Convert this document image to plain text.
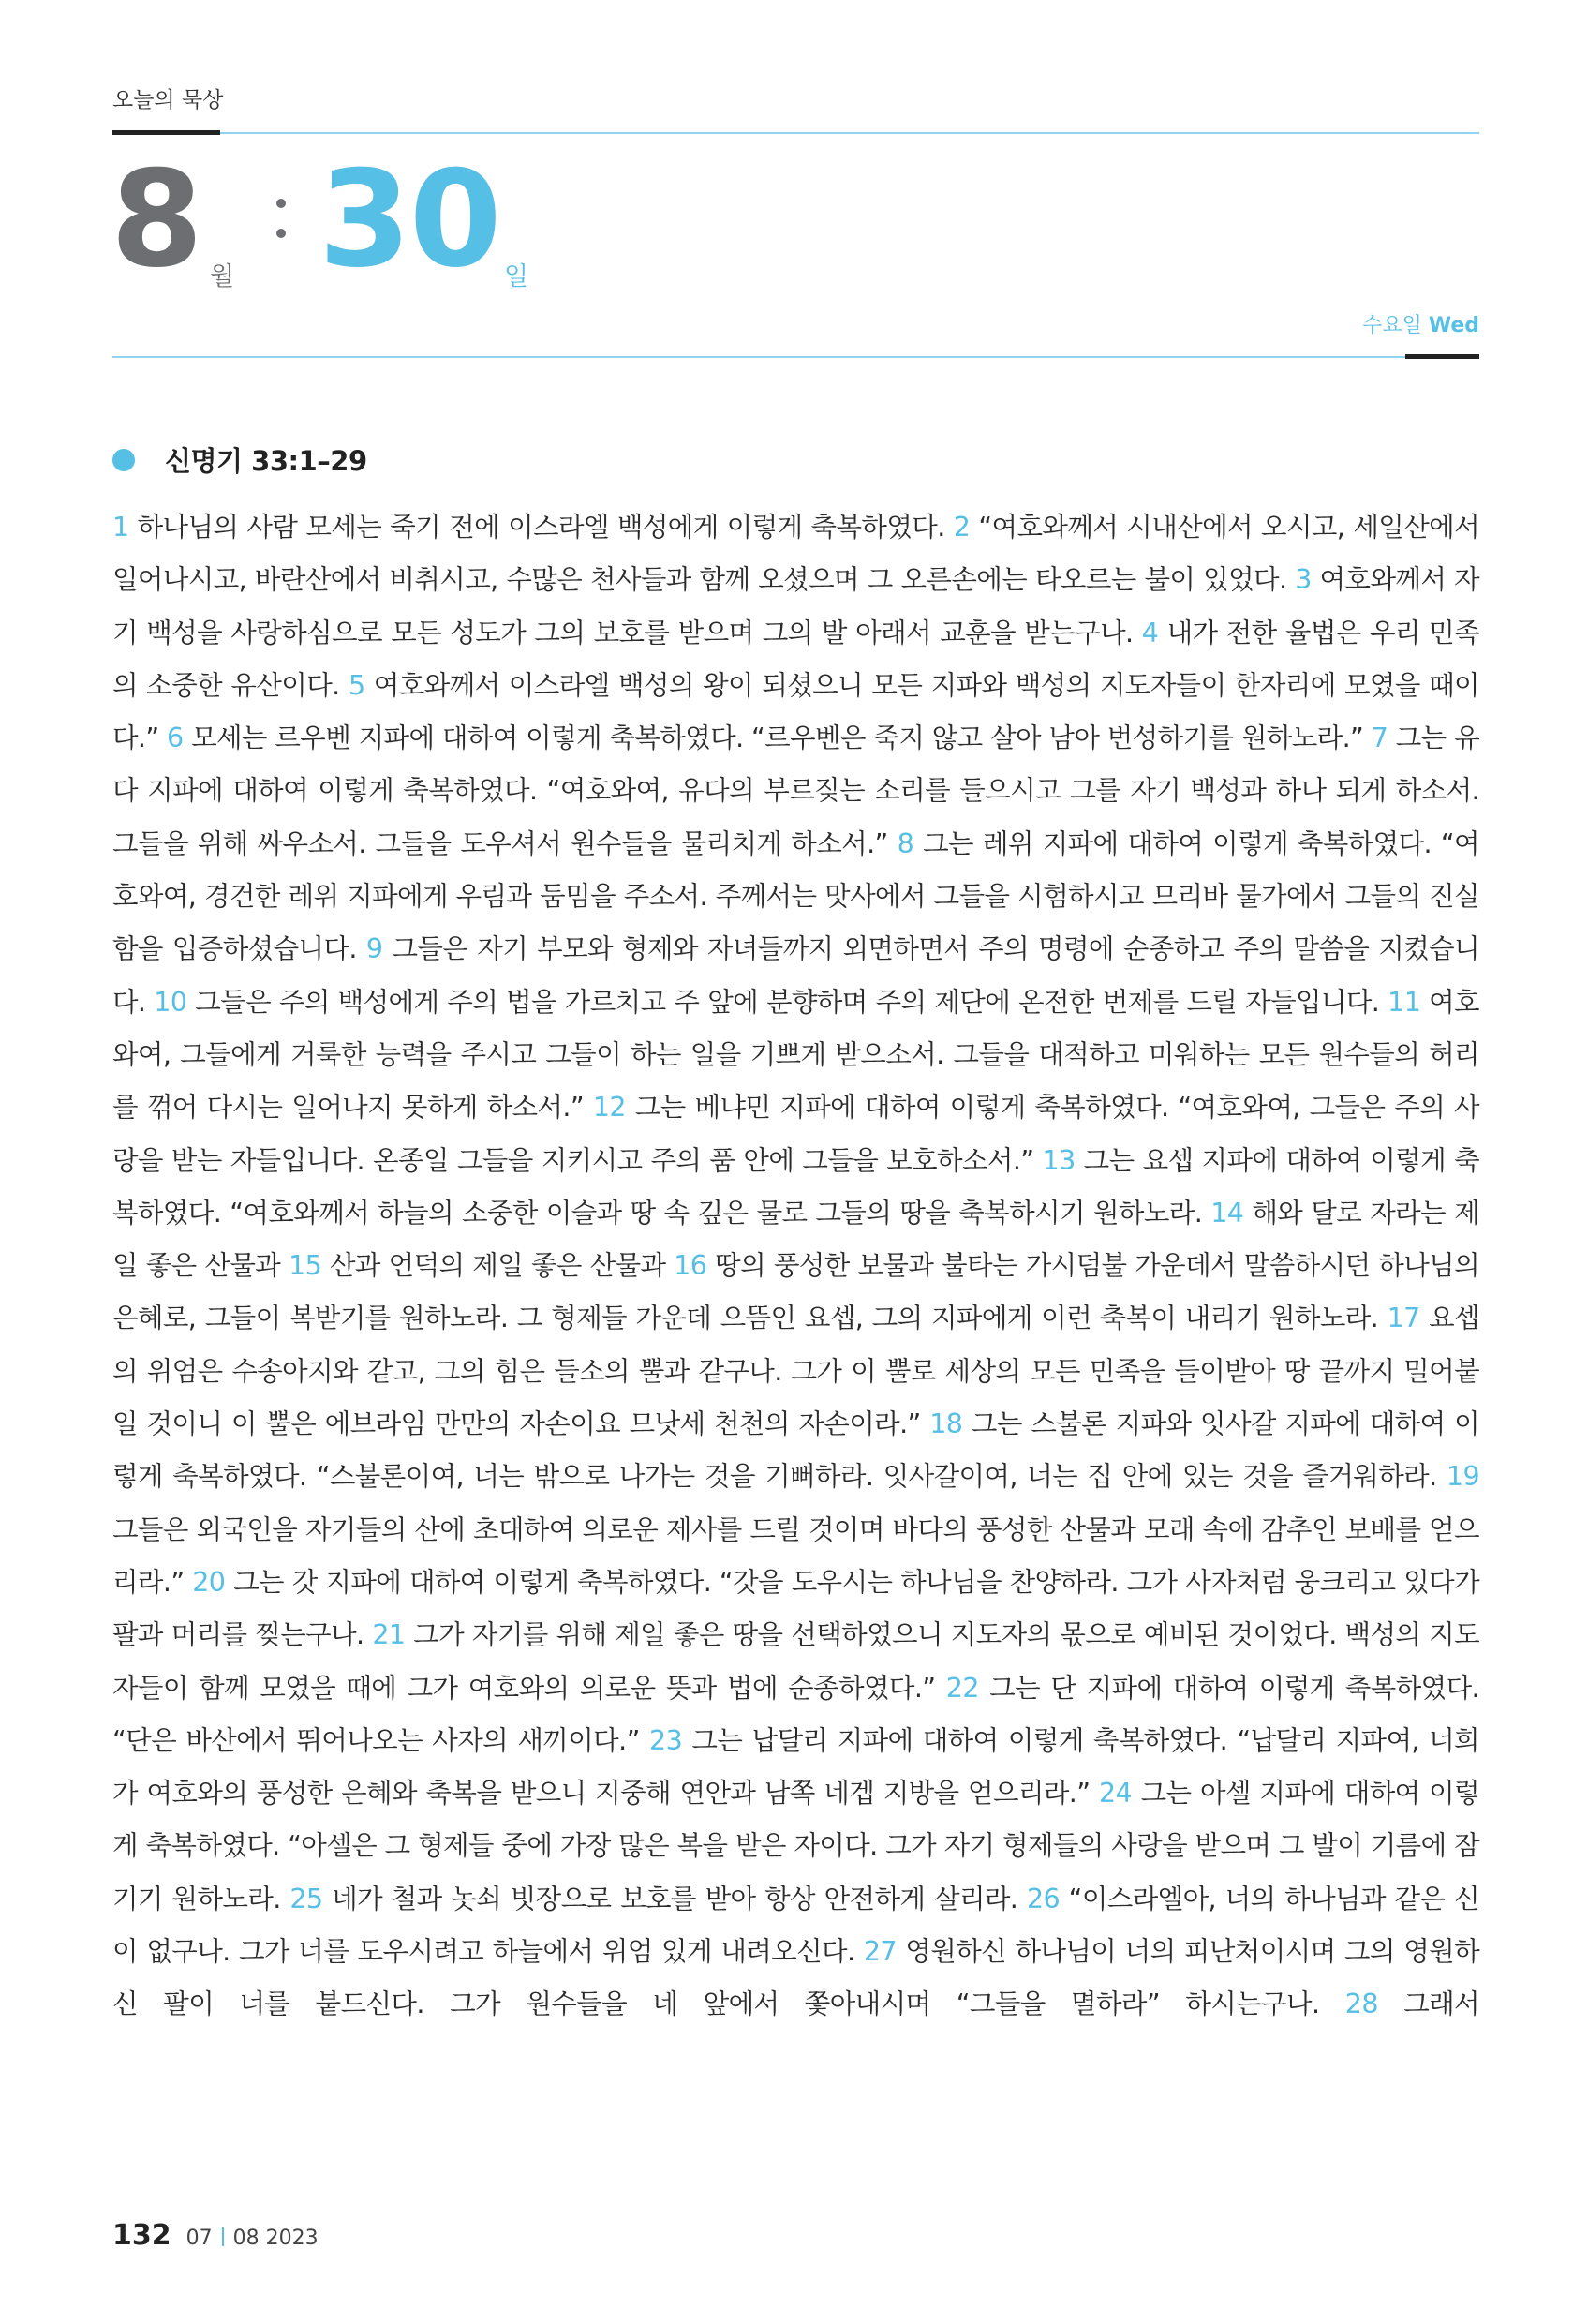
오늘의 묵상
8 월 30 일
수요일 Wed
신명기 33:1–29

1 하나님의 사람 모세는 죽기 전에 이스라엘 백성에게 이렇게 축복하였다. 2 “여호와께서 시내산에서 오시고, 세일산에서 일어나시고, 바란산에서 비취시고, 수많은 천사들과 함께 오셨으며 그 오른손에는 타오르는 불이 있었다. 3 여호와께서 자기 백성을 사랑하심으로 모든 성도가 그의 보호를 받으며 그의 발 아래서 교훈을 받는구나. 4 내가 전한 율법은 우리 민족의 소중한 유산이다. 5 여호와께서 이스라엘 백성의 왕이 되셨으니 모든 지파와 백성의 지도자들이 한자리에 모였을 때이다.” 6 모세는 르우벤 지파에 대하여 이렇게 축복하였다. “르우벤은 죽지 않고 살아 남아 번성하기를 원하노라.” 7 그는 유다 지파에 대하여 이렇게 축복하였다. “여호와여, 유다의 부르짖는 소리를 들으시고 그를 자기 백성과 하나 되게 하소서. 그들을 위해 싸우소서. 그들을 도우셔서 원수들을 물리치게 하소서.” 8 그는 레위 지파에 대하여 이렇게 축복하였다. “여호와여, 경건한 레위 지파에게 우림과 둠밈을 주소서. 주께서는 맛사에서 그들을 시험하시고 므리바 물가에서 그들의 진실함을 입증하셨습니다. 9 그들은 자기 부모와 형제와 자녀들까지 외면하면서 주의 명령에 순종하고 주의 말씀을 지켰습니다. 10 그들은 주의 백성에게 주의 법을 가르치고 주 앞에 분향하며 주의 제단에 온전한 번제를 드릴 자들입니다. 11 여호와여, 그들에게 거룩한 능력을 주시고 그들이 하는 일을 기쁘게 받으소서. 그들을 대적하고 미워하는 모든 원수들의 허리를 꺾어 다시는 일어나지 못하게 하소서.” 12 그는 베냐민 지파에 대하여 이렇게 축복하였다. “여호와여, 그들은 주의 사랑을 받는 자들입니다. 온종일 그들을 지키시고 주의 품 안에 그들을 보호하소서.” 13 그는 요셉 지파에 대하여 이렇게 축복하였다. “여호와께서 하늘의 소중한 이슬과 땅 속 깊은 물로 그들의 땅을 축복하시기 원하노라. 14 해와 달로 자라는 제일 좋은 산물과 15 산과 언덕의 제일 좋은 산물과 16 땅의 풍성한 보물과 불타는 가시덤불 가운데서 말씀하시던 하나님의 은혜로, 그들이 복받기를 원하노라. 그 형제들 가운데 으뜸인 요셉, 그의 지파에게 이런 축복이 내리기 원하노라. 17 요셉의 위엄은 수송아지와 같고, 그의 힘은 들소의 뿔과 같구나. 그가 이 뿔로 세상의 모든 민족을 들이받아 땅 끝까지 밀어붙일 것이니 이 뿔은 에브라임 만만의 자손이요 므낫세 천천의 자손이라.” 18 그는 스불론 지파와 잇사갈 지파에 대하여 이렇게 축복하였다. “스불론이여, 너는 밖으로 나가는 것을 기뻐하라. 잇사갈이여, 너는 집 안에 있는 것을 즐거워하라. 19 그들은 외국인을 자기들의 산에 초대하여 의로운 제사를 드릴 것이며 바다의 풍성한 산물과 모래 속에 감추인 보배를 얻으리라.” 20 그는 갓 지파에 대하여 이렇게 축복하였다. “갓을 도우시는 하나님을 찬양하라. 그가 사자처럼 웅크리고 있다가 팔과 머리를 찢는구나. 21 그가 자기를 위해 제일 좋은 땅을 선택하였으니 지도자의 몫으로 예비된 것이었다. 백성의 지도자들이 함께 모였을 때에 그가 여호와의 의로운 뜻과 법에 순종하였다.” 22 그는 단 지파에 대하여 이렇게 축복하였다. “단은 바산에서 뛰어나오는 사자의 새끼이다.” 23 그는 납달리 지파에 대하여 이렇게 축복하였다. “납달리 지파여, 너희가 여호와의 풍성한 은혜와 축복을 받으니 지중해 연안과 남쪽 네겝 지방을 얻으리라.” 24 그는 아셀 지파에 대하여 이렇게 축복하였다. “아셀은 그 형제들 중에 가장 많은 복을 받은 자이다. 그가 자기 형제들의 사랑을 받으며 그 발이 기름에 잠기기 원하노라. 25 네가 철과 놋쇠 빗장으로 보호를 받아 항상 안전하게 살리라. 26 “이스라엘아, 너의 하나님과 같은 신이 없구나. 그가 너를 도우시려고 하늘에서 위엄 있게 내려오신다. 27 영원하신 하나님이 너의 피난처이시며 그의 영원하신 팔이 너를 붙드신다. 그가 원수들을 네 앞에서 쫓아내시며 “그들을 멸하라” 하시는구나. 28 그래서

132 07 08 2023
